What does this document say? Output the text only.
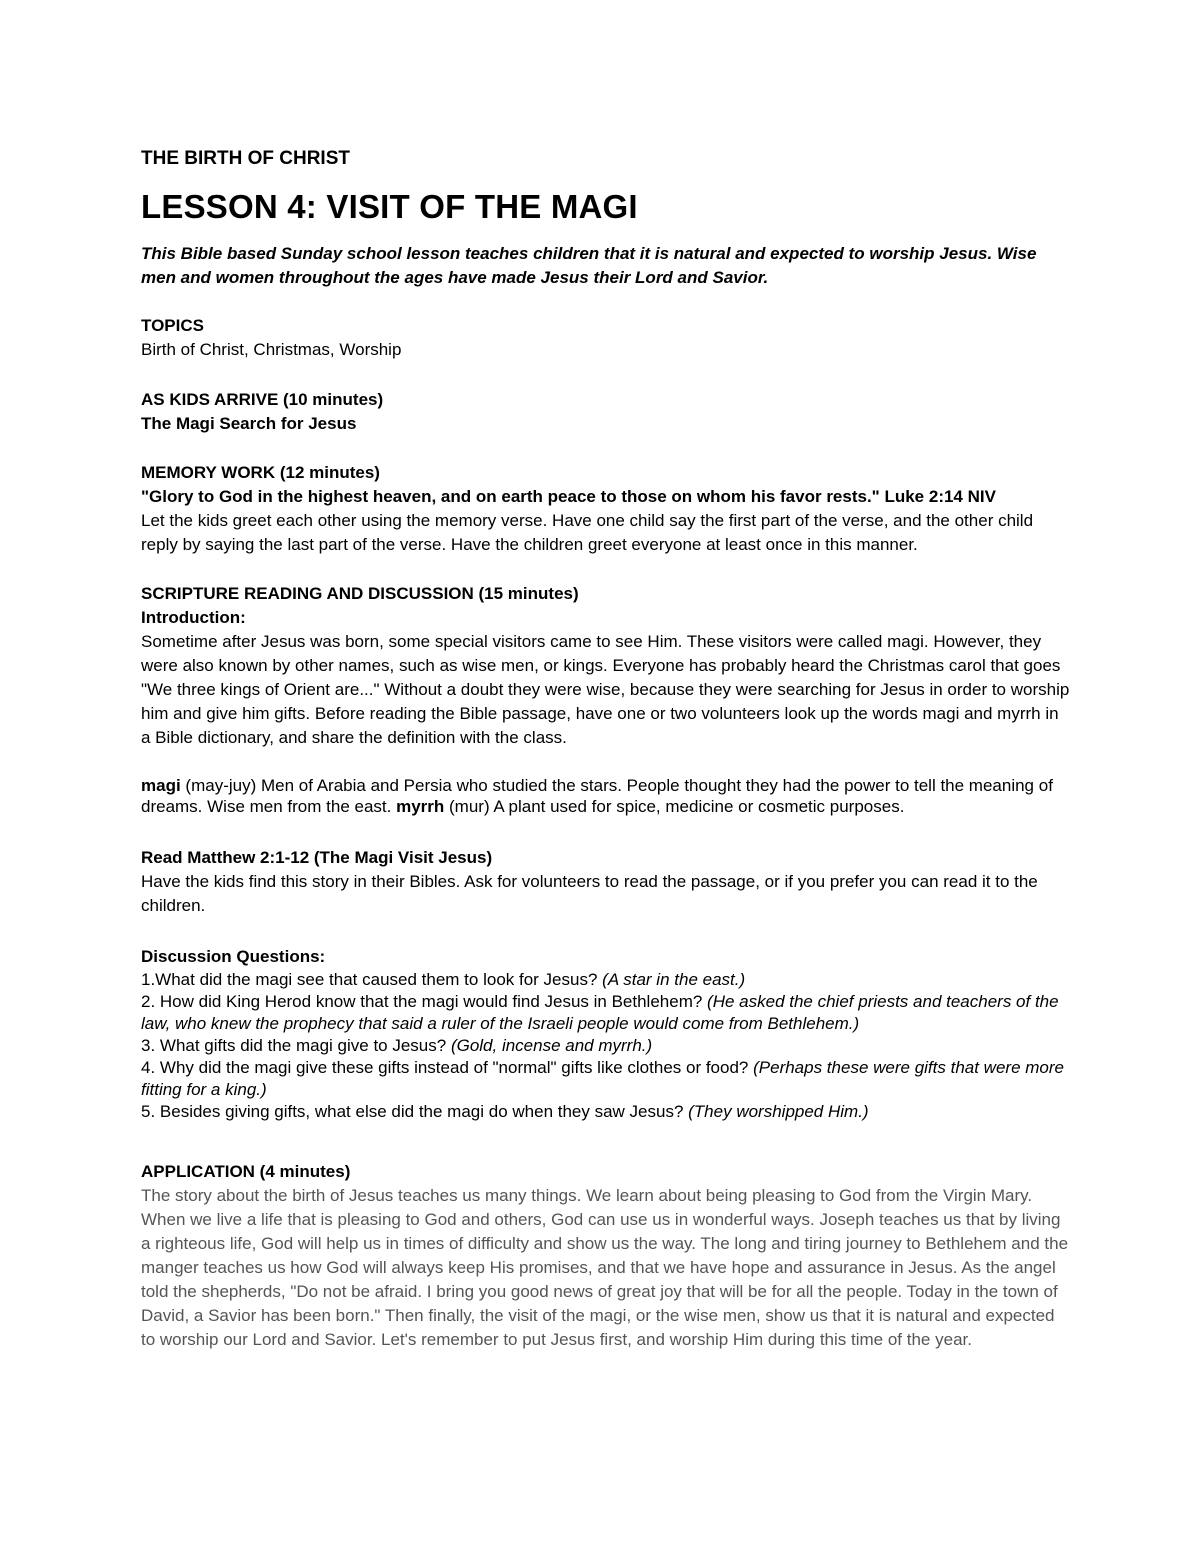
THE BIRTH OF CHRIST
LESSON 4: VISIT OF THE MAGI
This Bible based Sunday school lesson teaches children that it is natural and expected to worship Jesus. Wise men and women throughout the ages have made Jesus their Lord and Savior.

TOPICS

Birth of Christ, Christmas, Worship

AS KIDS ARRIVE (10 minutes)

The Magi Search for Jesus

MEMORY WORK (12 minutes)

"Glory to God in the highest heaven, and on earth peace to those on whom his favor rests." Luke 2:14 NIV

Let the kids greet each other using the memory verse. Have one child say the first part of the verse, and the other child reply by saying the last part of the verse. Have the children greet everyone at least once in this manner.

SCRIPTURE READING AND DISCUSSION (15 minutes)

Introduction:

Sometime after Jesus was born, some special visitors came to see Him. These visitors were called magi. However, they were also known by other names, such as wise men, or kings. Everyone has probably heard the Christmas carol that goes "We three kings of Orient are..." Without a doubt they were wise, because they were searching for Jesus in order to worship him and give him gifts. Before reading the Bible passage, have one or two volunteers look up the words magi and myrrh in a Bible dictionary, and share the definition with the class.

magi (may-juy) Men of Arabia and Persia who studied the stars. People thought they had the power to tell the meaning of dreams. Wise men from the east. myrrh (mur) A plant used for spice, medicine or cosmetic purposes.

Read Matthew 2:1-12 (The Magi Visit Jesus)

Have the kids find this story in their Bibles. Ask for volunteers to read the passage, or if you prefer you can read it to the children.

Discussion Questions:

1.What did the magi see that caused them to look for Jesus? (A star in the east.)

2. How did King Herod know that the magi would find Jesus in Bethlehem? (He asked the chief priests and teachers of the law, who knew the prophecy that said a ruler of the Israeli people would come from Bethlehem.)

3. What gifts did the magi give to Jesus? (Gold, incense and myrrh.)

4. Why did the magi give these gifts instead of "normal" gifts like clothes or food? (Perhaps these were gifts that were more fitting for a king.)

5. Besides giving gifts, what else did the magi do when they saw Jesus? (They worshipped Him.)

APPLICATION (4 minutes)

The story about the birth of Jesus teaches us many things. We learn about being pleasing to God from the Virgin Mary. When we live a life that is pleasing to God and others, God can use us in wonderful ways. Joseph teaches us that by living a righteous life, God will help us in times of difficulty and show us the way. The long and tiring journey to Bethlehem and the manger teaches us how God will always keep His promises, and that we have hope and assurance in Jesus. As the angel told the shepherds, "Do not be afraid. I bring you good news of great joy that will be for all the people. Today in the town of David, a Savior has been born." Then finally, the visit of the magi, or the wise men, show us that it is natural and expected to worship our Lord and Savior. Let's remember to put Jesus first, and worship Him during this time of the year.
